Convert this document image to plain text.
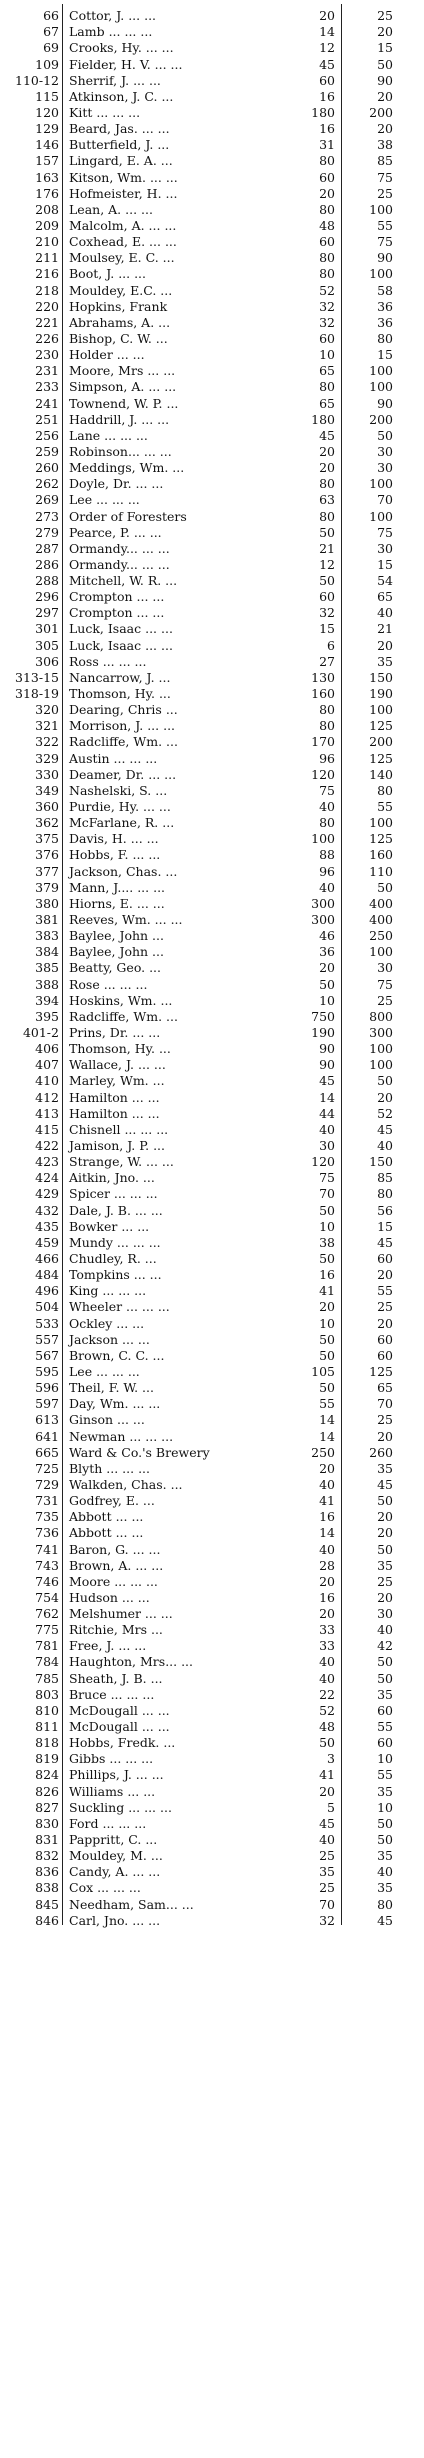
66 Cottor, J. ... ...	20	25
67 Lamb ... ... ...	14	20
69 Crooks, Hy. ... ...	12	15
109 Fielder, H. V. ... ...	45	50
110-12 Sherrif, J. ... ...	60	90
115 Atkinson, J. C. ...	16	20
120 Kitt ... ... ...	180	200
129 Beard, Jas. ... ...	16	20
146 Butterfield, J. ...	31	38
157 Lingard, E. A. ...	80	85
163 Kitson, Wm. ... ...	60	75
176 Hofmeister, H. ...	20	25
208 Lean, A. ... ...	80	100
209 Malcolm, A. ... ...	48	55
210 Coxhead, E. ... ...	60	75
211 Moulsey, E. C. ...	80	90
216 Boot, J. ... ...	80	100
218 Mouldey, E.C. ...	52	58
220 Hopkins, Frank	32	36
221 Abrahams, A. ...	32	36
226 Bishop, C. W. ...	60	80
230 Holder ... ...	10	15
231 Moore, Mrs ... ...	65	100
233 Simpson, A. ... ...	80	100
241 Townend, W. P. ...	65	90
251 Haddrill, J. ... ...	180	200
256 Lane ... ... ...	45	50
259 Robinson... ... ...	20	30
260 Meddings, Wm. ...	20	30
262 Doyle, Dr. ... ...	80	100
269 Lee ... ... ...	63	70
273 Order of Foresters	80	100
279 Pearce, P. ... ...	50	75
287 Ormandy... ... ...	21	30
286 Ormandy... ... ...	12	15
288 Mitchell, W. R. ...	50	54
296 Crompton ... ...	60	65
297 Crompton ... ...	32	40
301 Luck, Isaac ... ...	15	21
305 Luck, Isaac ... ...	6	20
306 Ross ... ... ...	27	35
313-15 Nancarrow, J. ...	130	150
318-19 Thomson, Hy. ...	160	190
320 Dearing, Chris ...	80	100
321 Morrison, J. ... ...	80	125
322 Radcliffe, Wm. ...	170	200
329 Austin ... ... ...	96	125
330 Deamer, Dr. ... ...	120	140
349 Nashelski, S. ...	75	80
360 Purdie, Hy. ... ...	40	55
362 McFarlane, R. ...	80	100
375 Davis, H. ... ...	100	125
376 Hobbs, F. ... ...	88	160
377 Jackson, Chas. ...	96	110
379 Mann, J.... ... ...	40	50
380 Hiorns, E. ... ...	300	400
381 Reeves, Wm. ... ...	300	400
383 Baylee, John ...	46	250
384 Baylee, John ...	36	100
385 Beatty, Geo. ...	20	30
388 Rose ... ... ...	50	75
394 Hoskins, Wm. ...	10	25
395 Radcliffe, Wm. ...	750	800
401-2 Prins, Dr. ... ...	190	300
406 Thomson, Hy. ...	90	100
407 Wallace, J. ... ...	90	100
410 Marley, Wm. ...	45	50
412 Hamilton ... ...	14	20
413 Hamilton ... ...	44	52
415 Chisnell ... ... ...	40	45
422 Jamison, J. P. ...	30	40
423 Strange, W. ... ...	120	150
424 Aitkin, Jno. ...	75	85
429 Spicer ... ... ...	70	80
432 Dale, J. B. ... ...	50	56
435 Bowker ... ...	10	15
459 Mundy ... ... ...	38	45
466 Chudley, R. ...	50	60
484 Tompkins ... ...	16	20
496 King ... ... ...	41	55
504 Wheeler ... ... ...	20	25
533 Ockley ... ...	10	20
557 Jackson ... ...	50	60
567 Brown, C. C. ...	50	60
595 Lee ... ... ...	105	125
596 Theil, F. W. ...	50	65
597 Day, Wm. ... ...	55	70
613 Ginson ... ...	14	25
641 Newman ... ... ...	14	20
665 Ward & Co.'s Brewery	250	260
725 Blyth ... ... ...	20	35
729 Walkden, Chas. ...	40	45
731 Godfrey, E. ...	41	50
735 Abbott ... ...	16	20
736 Abbott ... ...	14	20
741 Baron, G. ... ...	40	50
743 Brown, A. ... ...	28	35
746 Moore ... ... ...	20	25
754 Hudson ... ...	16	20
762 Melshumer ... ...	20	30
775 Ritchie, Mrs ...	33	40
781 Free, J. ... ...	33	42
784 Haughton, Mrs... ...	40	50
785 Sheath, J. B. ...	40	50
803 Bruce ... ... ...	22	35
810 McDougall ... ...	52	60
811 McDougall ... ...	48	55
818 Hobbs, Fredk. ...	50	60
819 Gibbs ... ... ...	3	10
824 Phillips, J. ... ...	41	55
826 Williams ... ...	20	35
827 Suckling ... ... ...	5	10
830 Ford ... ... ...	45	50
831 Pappritt, C. ...	40	50
832 Mouldey, M. ...	25	35
836 Candy, A. ... ...	35	40
838 Cox ... ... ...	25	35
845 Needham, Sam... ...	70	80
846 Carl, Jno. ... ...	32	45
